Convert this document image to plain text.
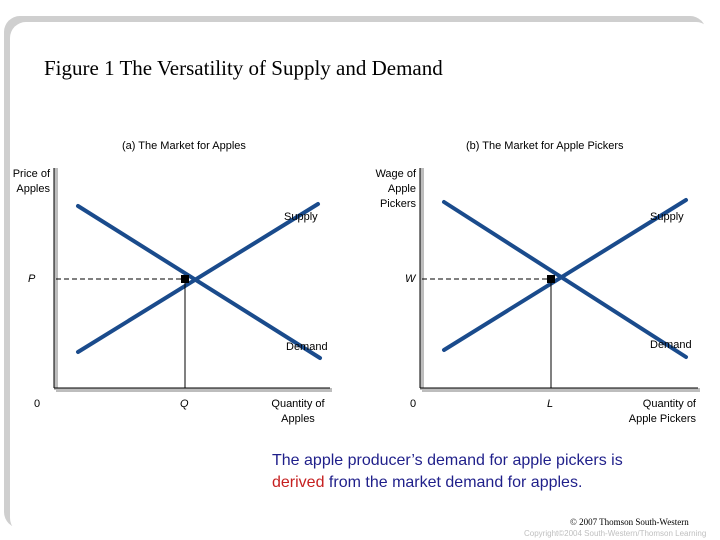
Figure 1 The Versatility of Supply and Demand
(a) The Market for Apples	(b) The Market for Apple Pickers
Price of
Apples
Supply
Demand
P
0	Q	Quantity of
Apples
Wage of
Apple
Pickers
Supply
Demand
W
0	L	Quantity of
Apple Pickers
The apple producer’s demand for apple pickers is
derived from the market demand for apples.
© 2007 Thomson South-Western
Copyright©2004 South-Western/Thomson Learning
